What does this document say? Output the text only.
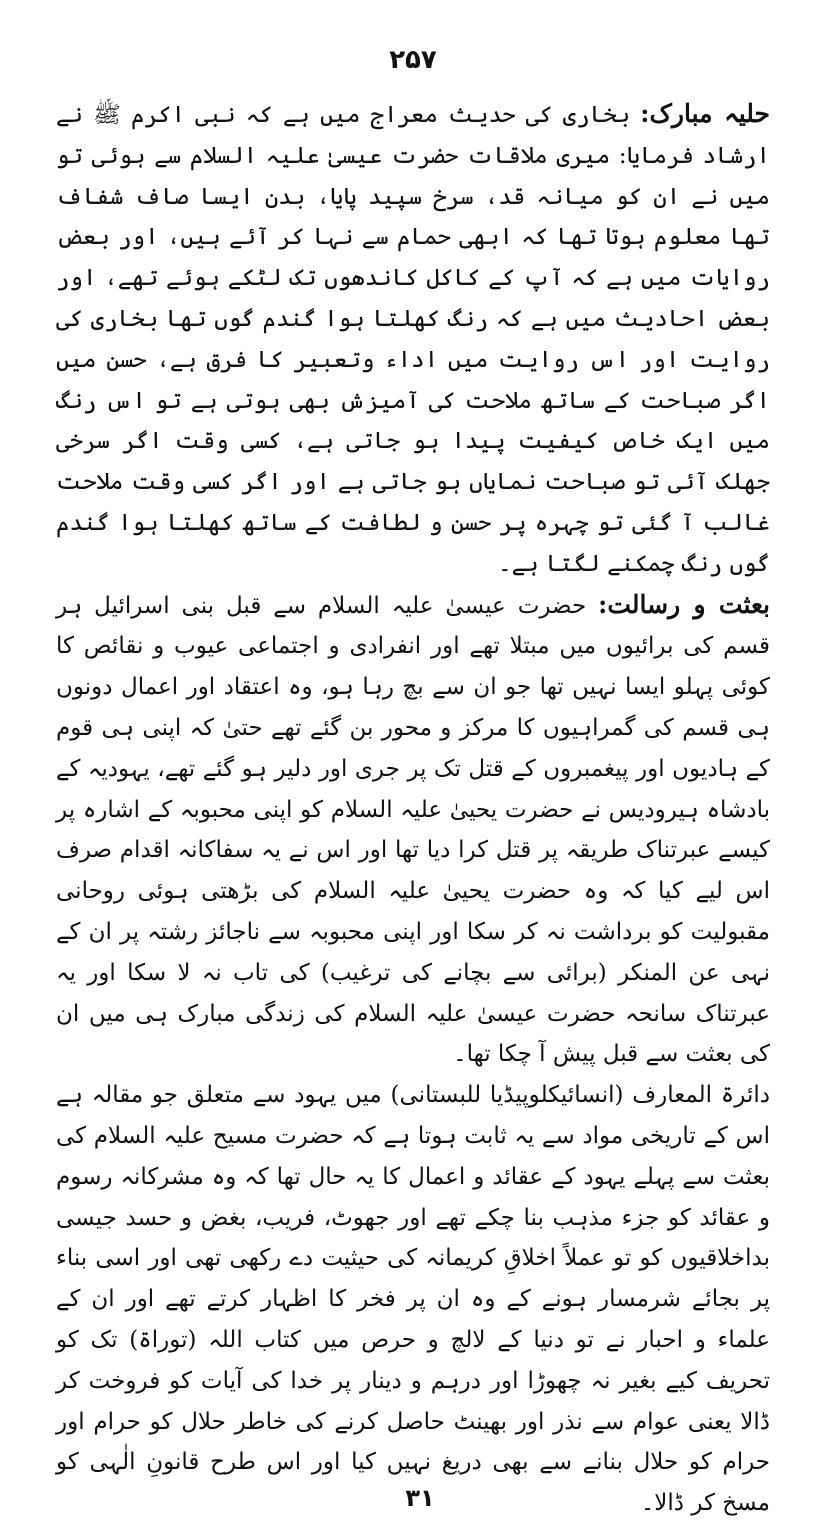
۲۵۷

حلیہ مبارک: بخاری کی حدیث معراج میں ہے کہ نبی اکرم ﷺ نے ارشاد فرمایا: میری ملاقات حضرت عیسیٰ علیہ السلام سے ہوئی تو میں نے ان کو میانہ قد، سرخ سپید پایا، بدن ایسا صاف شفاف تھا معلوم ہوتا تھا کہ ابھی حمام سے نہا کر آئے ہیں، اور بعض روایات میں ہے کہ آپ کے کاکل کاندھوں تک لٹکے ہوئے تھے، اور بعض احادیث میں ہے کہ رنگ کھلتا ہوا گندم گوں تھا بخاری کی روایت اور اس روایت میں اداء وتعبیر کا فرق ہے، حسن میں اگر صباحت کے ساتھ ملاحت کی آمیزش بھی ہوتی ہے تو اس رنگ میں ایک خاص کیفیت پیدا ہو جاتی ہے، کسی وقت اگر سرخی جھلک آئی تو صباحت نمایاں ہو جاتی ہے اور اگر کسی وقت ملاحت غالب آ گئی تو چہرہ پر حسن و لطافت کے ساتھ کھلتا ہوا گندم گوں رنگ چمکنے لگتا ہے۔

بعثت و رسالت: حضرت عیسیٰ علیہ السلام سے قبل بنی اسرائیل ہر قسم کی برائیوں میں مبتلا تھے اور انفرادی و اجتماعی عیوب و نقائص کا کوئی پہلو ایسا نہیں تھا جو ان سے بچ رہا ہو، وہ اعتقاد اور اعمال دونوں ہی قسم کی گمراہیوں کا مرکز و محور بن گئے تھے حتیٰ کہ اپنی ہی قوم کے ہادیوں اور پیغمبروں کے قتل تک پر جری اور دلیر ہو گئے تھے، یہودیہ کے بادشاہ ہیرودیس نے حضرت یحییٰ علیہ السلام کو اپنی محبوبہ کے اشارہ پر کیسے عبرتناک طریقہ پر قتل کرا دیا تھا اور اس نے یہ سفاکانہ اقدام صرف اس لیے کیا کہ وہ حضرت یحییٰ علیہ السلام کی بڑھتی ہوئی روحانی مقبولیت کو برداشت نہ کر سکا اور اپنی محبوبہ سے ناجائز رشتہ پر ان کے نہی عن المنکر (برائی سے بچانے کی ترغیب) کی تاب نہ لا سکا اور یہ عبرتناک سانحہ حضرت عیسیٰ علیہ السلام کی زندگی مبارک ہی میں ان کی بعثت سے قبل پیش آ چکا تھا۔

دائرۃ المعارف (انسائیکلوپیڈیا للبستانی) میں یہود سے متعلق جو مقالہ ہے اس کے تاریخی مواد سے یہ ثابت ہوتا ہے کہ حضرت مسیح علیہ السلام کی بعثت سے پہلے یہود کے عقائد و اعمال کا یہ حال تھا کہ وہ مشرکانہ رسوم و عقائد کو جزء مذہب بنا چکے تھے اور جھوٹ، فریب، بغض و حسد جیسی بداخلاقیوں کو تو عملاً اخلاقِ کریمانہ کی حیثیت دے رکھی تھی اور اسی بناء پر بجائے شرمسار ہونے کے وہ ان پر فخر کا اظہار کرتے تھے اور ان کے علماء و احبار نے تو دنیا کے لالچ و حرص میں کتاب اللہ (توراۃ) تک کو تحریف کیے بغیر نہ چھوڑا اور درہم و دینار پر خدا کی آیات کو فروخت کر ڈالا یعنی عوام سے نذر اور بھینٹ حاصل کرنے کی خاطر حلال کو حرام اور حرام کو حلال بنانے سے بھی دریغ نہیں کیا اور اس طرح قانونِ الٰہی کو مسخ کر ڈالا۔

۳۱
